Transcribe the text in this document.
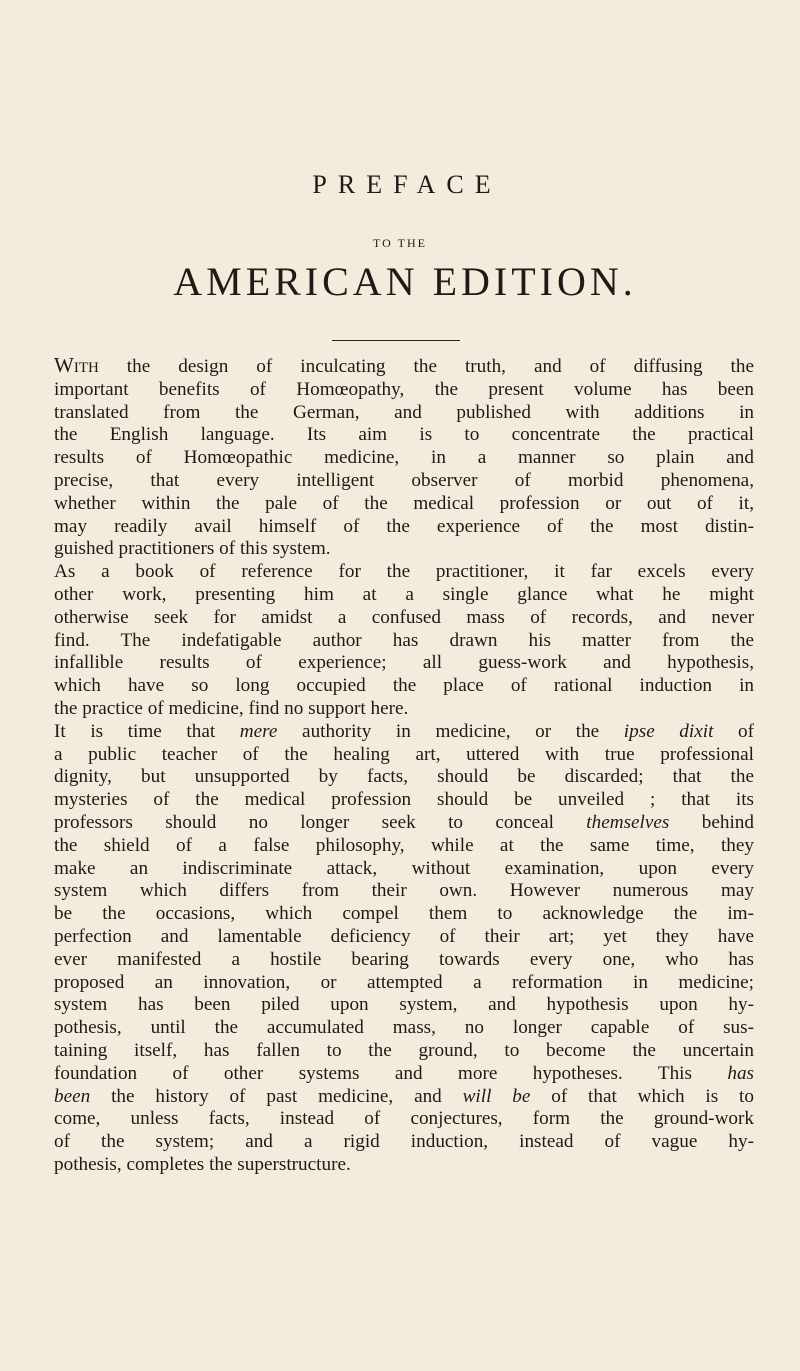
PREFACE
TO THE
AMERICAN EDITION.

With the design of inculcating the truth, and of diffusing the
important benefits of Homœopathy, the present volume has been
translated from the German, and published with additions in
the English language. Its aim is to concentrate the practical
results of Homœopathic medicine, in a manner so plain and
precise, that every intelligent observer of morbid phenomena,
whether within the pale of the medical profession or out of it,
may readily avail himself of the experience of the most distin-
guished practitioners of this system.

As a book of reference for the practitioner, it far excels every
other work, presenting him at a single glance what he might
otherwise seek for amidst a confused mass of records, and never
find. The indefatigable author has drawn his matter from the
infallible results of experience; all guess-work and hypothesis,
which have so long occupied the place of rational induction in
the practice of medicine, find no support here.

It is time that mere authority in medicine, or the ipse dixit of
a public teacher of the healing art, uttered with true professional
dignity, but unsupported by facts, should be discarded; that the
mysteries of the medical profession should be unveiled ; that its
professors should no longer seek to conceal themselves behind
the shield of a false philosophy, while at the same time, they
make an indiscriminate attack, without examination, upon every
system which differs from their own. However numerous may
be the occasions, which compel them to acknowledge the im-
perfection and lamentable deficiency of their art; yet they have
ever manifested a hostile bearing towards every one, who has
proposed an innovation, or attempted a reformation in medicine;
system has been piled upon system, and hypothesis upon hy-
pothesis, until the accumulated mass, no longer capable of sus-
taining itself, has fallen to the ground, to become the uncertain
foundation of other systems and more hypotheses. This has
been the history of past medicine, and will be of that which is to
come, unless facts, instead of conjectures, form the ground-work
of the system; and a rigid induction, instead of vague hy-
pothesis, completes the superstructure.
